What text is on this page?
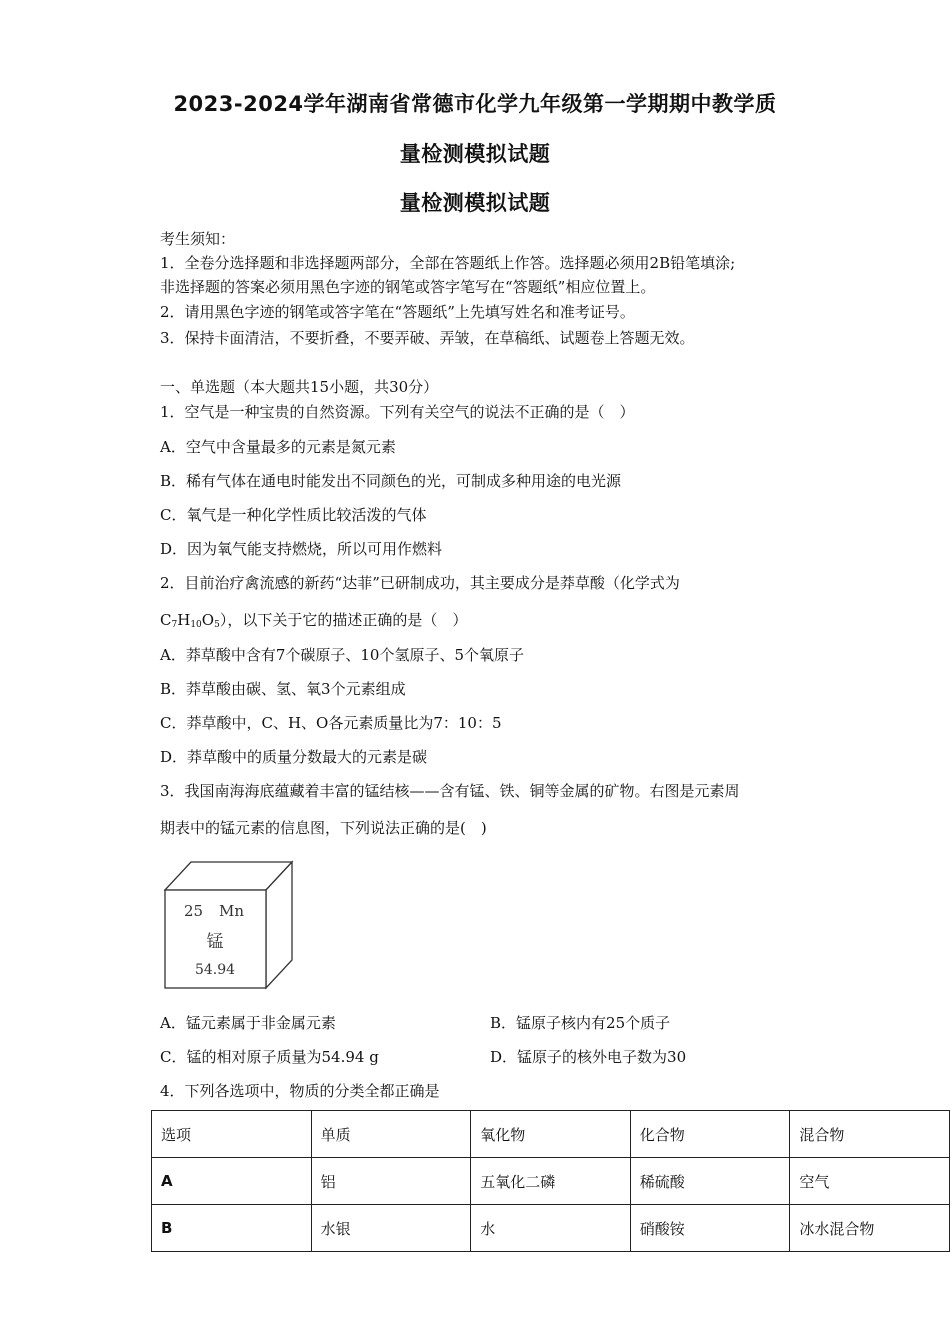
2023-2024学年湖南省常德市化学九年级第一学期期中教学质
量检测模拟试题
量检测模拟试题
考生须知：
1．全卷分选择题和非选择题两部分，全部在答题纸上作答。选择题必须用2B铅笔填涂;
非选择题的答案必须用黑色字迹的钢笔或答字笔写在“答题纸”相应位置上。
2．请用黑色字迹的钢笔或答字笔在“答题纸”上先填写姓名和准考证号。
3．保持卡面清洁，不要折叠，不要弄破、弄皱，在草稿纸、试题卷上答题无效。
一、单选题（本大题共15小题，共30分）
1．空气是一种宝贵的自然资源。下列有关空气的说法不正确的是（　）
A．空气中含量最多的元素是氮元素
B．稀有气体在通电时能发出不同颜色的光，可制成多种用途的电光源
C．氧气是一种化学性质比较活泼的气体
D．因为氧气能支持燃烧，所以可用作燃料
2．目前治疗禽流感的新药“达菲”已研制成功，其主要成分是莽草酸（化学式为
$C_7H_{10}O_5$），以下关于它的描述正确的是（　）
A．莽草酸中含有7个碳原子、10个氢原子、5个氧原子
B．莽草酸由碳、氢、氧3个元素组成
C．莽草酸中，C、H、O各元素质量比为7：10：5
D．莽草酸中的质量分数最大的元素是碳
3．我国南海海底蕴藏着丰富的锰结核——含有锰、铁、铜等金属的矿物。右图是元素周
期表中的锰元素的信息图，下列说法正确的是(　)
25 Mn
锰
54.94
A．锰元素属于非金属元素	B．锰原子核内有25个质子
C．锰的相对原子质量为54.94 g	D．锰原子的核外电子数为30
4．下列各选项中，物质的分类全都正确是
选项	单质	氧化物	化合物	混合物
A	铝	五氧化二磷	稀硫酸	空气
B	水银	水	硝酸铵	冰水混合物
